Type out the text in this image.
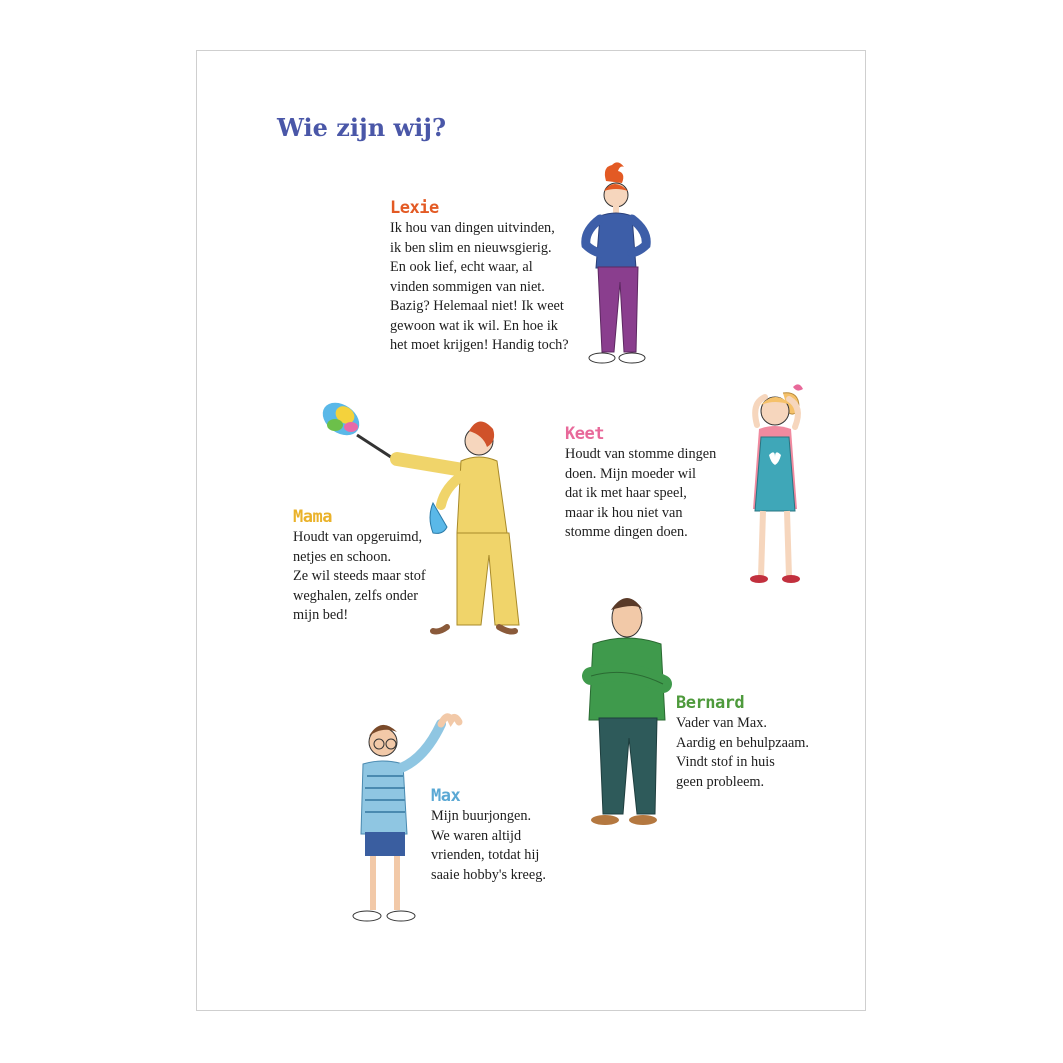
Wie zijn wij?
Lexie
Ik hou van dingen uitvinden,
ik ben slim en nieuwsgierig.
En ook lief, echt waar, al
vinden sommigen van niet.
Bazig? Helemaal niet! Ik weet
gewoon wat ik wil. En hoe ik
het moet krijgen! Handig toch?
Keet
Houdt van stomme dingen
doen. Mijn moeder wil
dat ik met haar speel,
maar ik hou niet van
stomme dingen doen.
Mama
Houdt van opgeruimd,
netjes en schoon.
Ze wil steeds maar stof
weghalen, zelfs onder
mijn bed!
Bernard
Vader van Max.
Aardig en behulpzaam.
Vindt stof in huis
geen probleem.
Max
Mijn buurjongen.
We waren altijd
vrienden, totdat hij
saaie hobby's kreeg.
